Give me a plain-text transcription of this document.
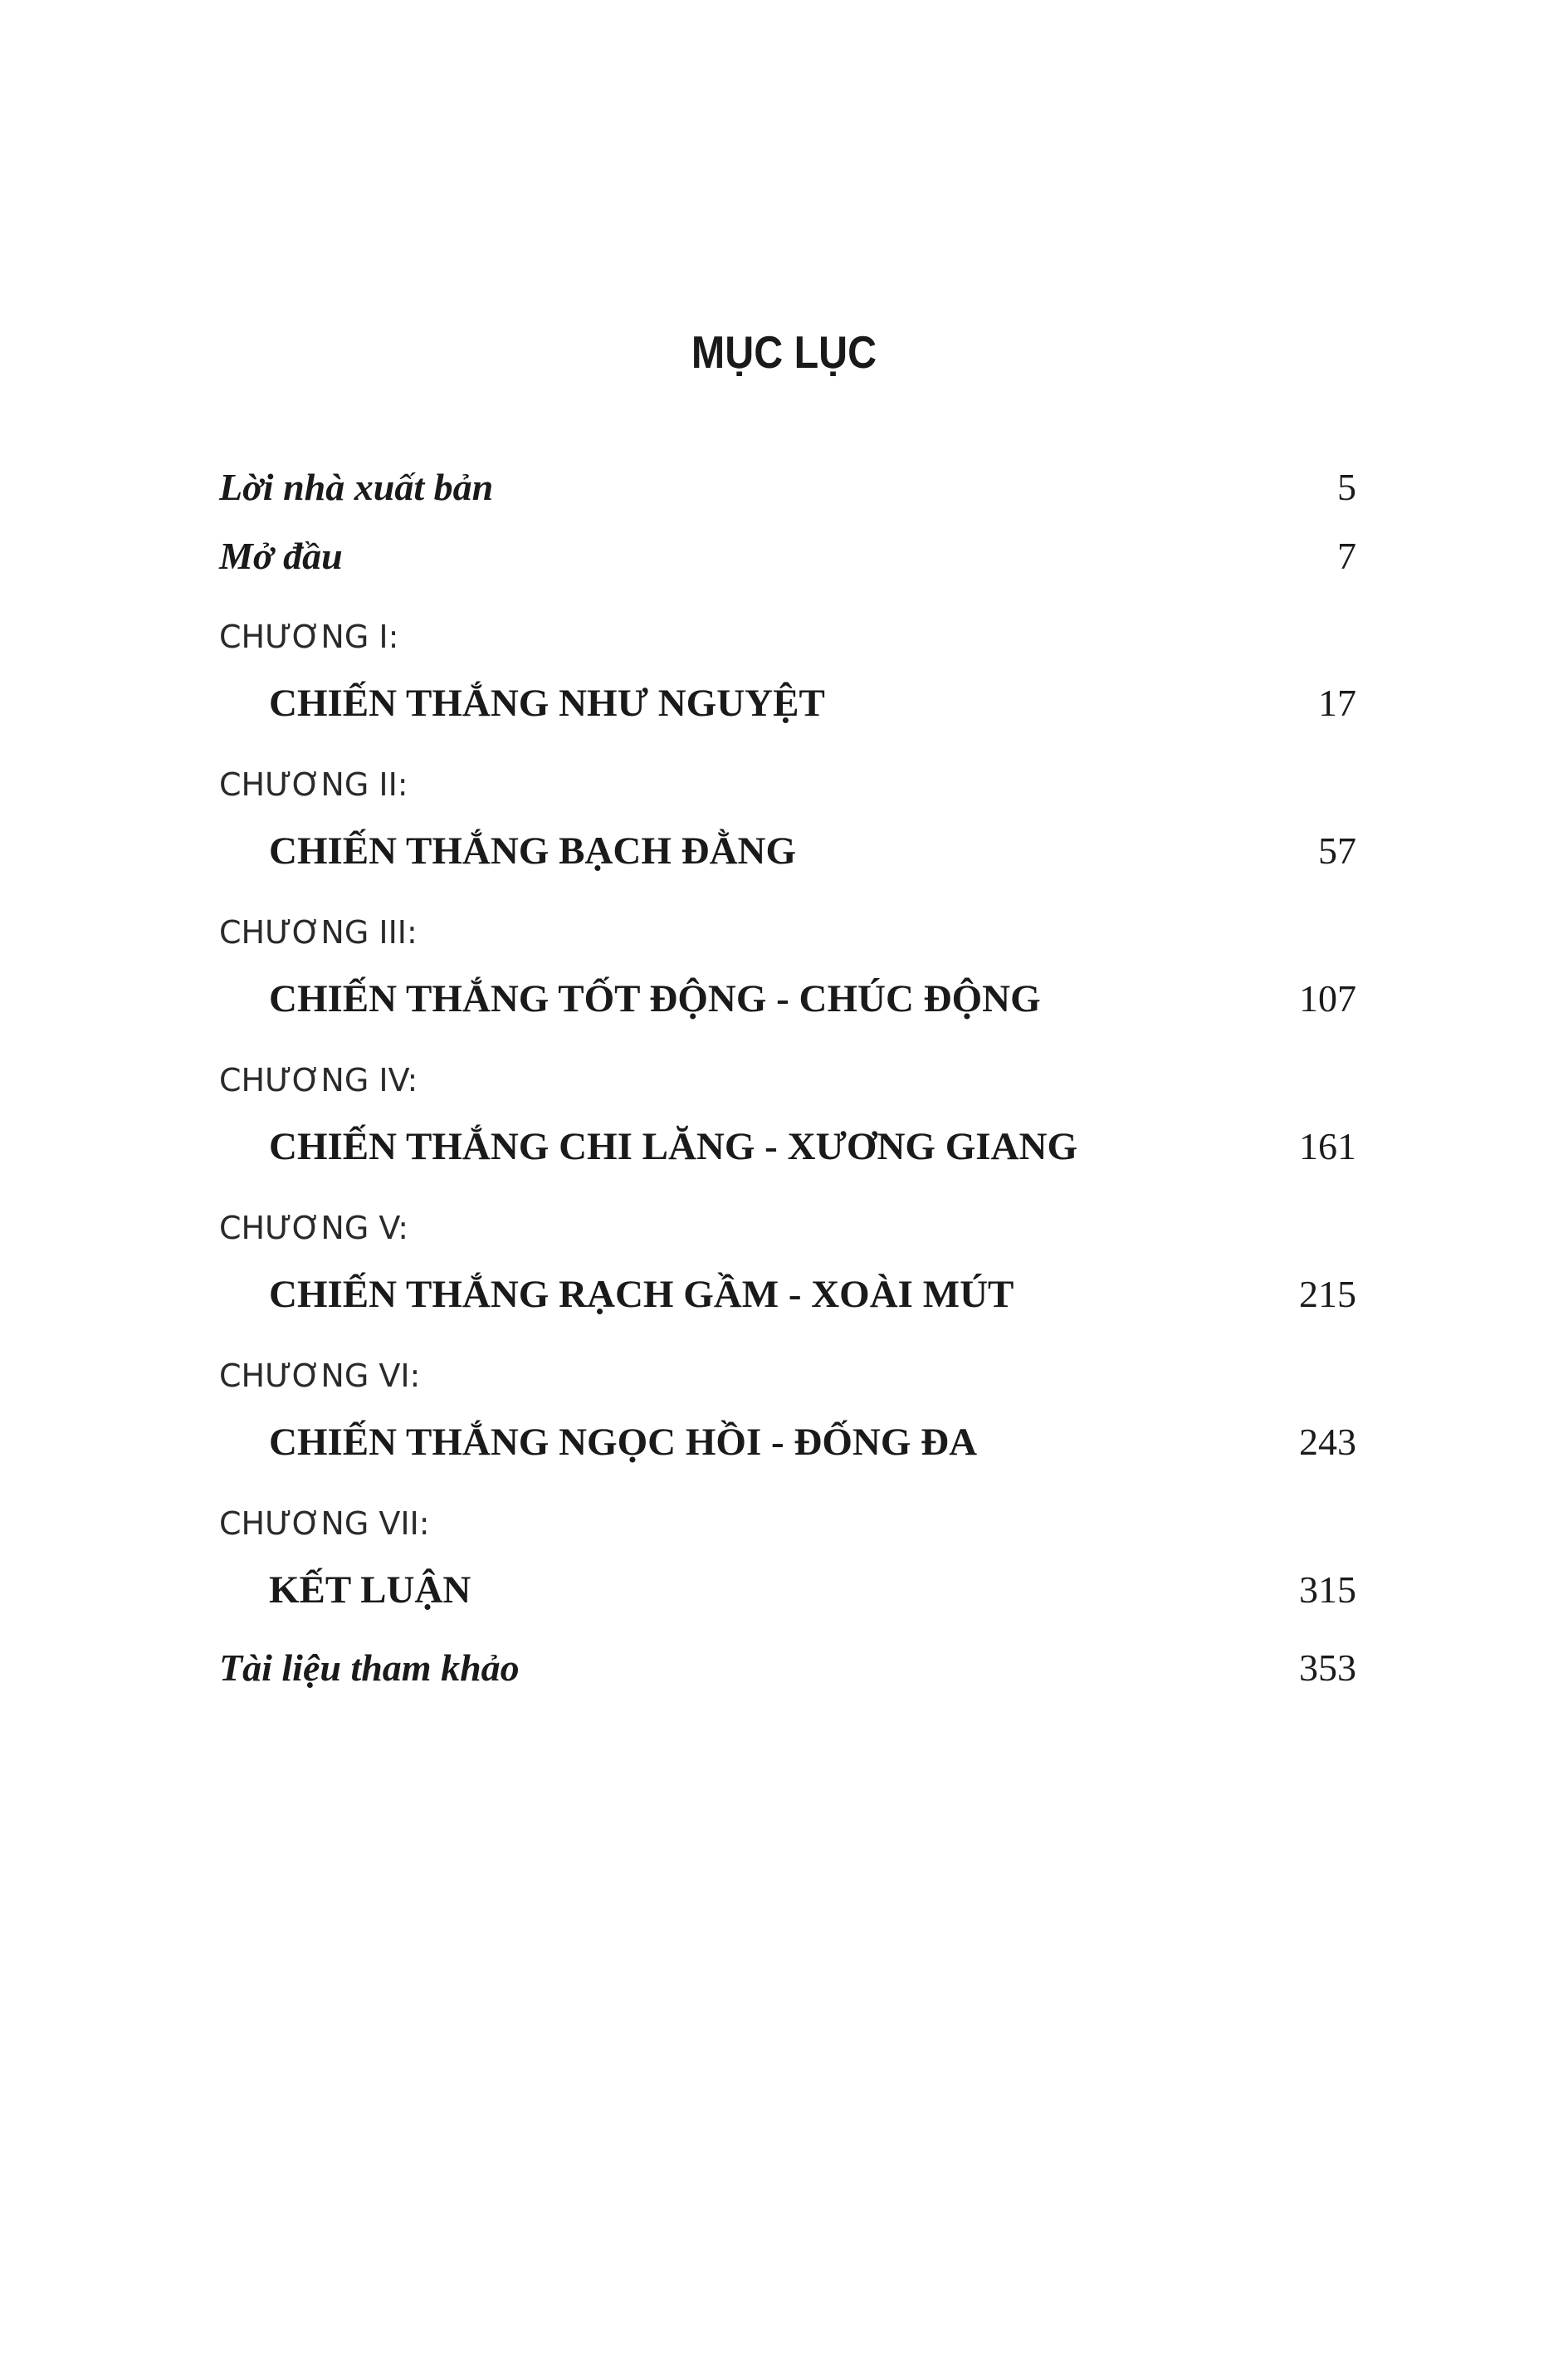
MỤC LỤC
Lời nhà xuất bản	5
Mở đầu	7
CHƯƠNG I:
CHIẾN THẮNG NHƯ NGUYỆT	17
CHƯƠNG II:
CHIẾN THẮNG BẠCH ĐẰNG	57
CHƯƠNG III:
CHIẾN THẮNG TỐT ĐỘNG - CHÚC ĐỘNG	107
CHƯƠNG IV:
CHIẾN THẮNG CHI LĂNG - XƯƠNG GIANG	161
CHƯƠNG V:
CHIẾN THẮNG RẠCH GẦM - XOÀI MÚT	215
CHƯƠNG VI:
CHIẾN THẮNG NGỌC HỒI - ĐỐNG ĐA	243
CHƯƠNG VII:
KẾT LUẬN	315
Tài liệu tham khảo	353
